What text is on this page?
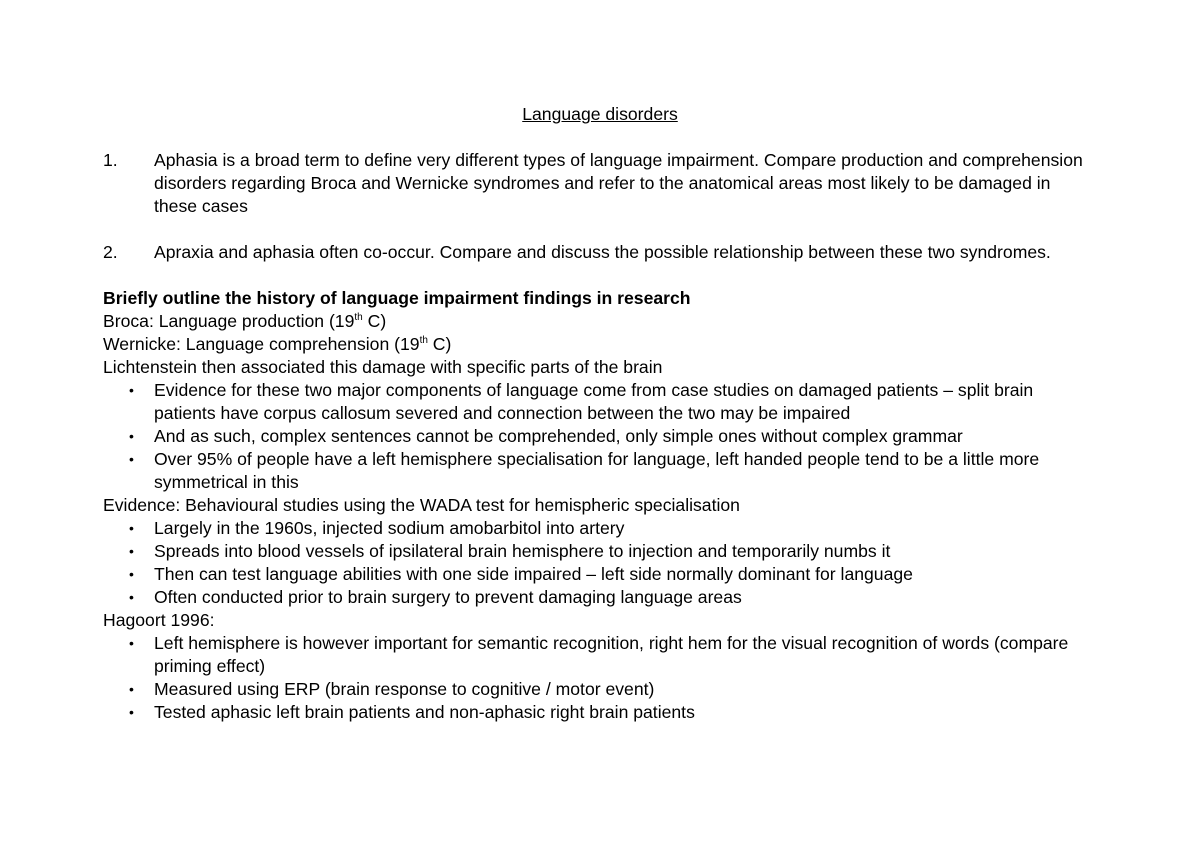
Language disorders
1. Aphasia is a broad term to define very different types of language impairment. Compare production and comprehension disorders regarding Broca and Wernicke syndromes and refer to the anatomical areas most likely to be damaged in these cases
2. Apraxia and aphasia often co-occur. Compare and discuss the possible relationship between these two syndromes.
Briefly outline the history of language impairment findings in research
Broca: Language production (19th C)
Wernicke: Language comprehension (19th C)
Lichtenstein then associated this damage with specific parts of the brain
• Evidence for these two major components of language come from case studies on damaged patients – split brain patients have corpus callosum severed and connection between the two may be impaired
• And as such, complex sentences cannot be comprehended, only simple ones without complex grammar
• Over 95% of people have a left hemisphere specialisation for language, left handed people tend to be a little more symmetrical in this
Evidence: Behavioural studies using the WADA test for hemispheric specialisation
• Largely in the 1960s, injected sodium amobarbitol into artery
• Spreads into blood vessels of ipsilateral brain hemisphere to injection and temporarily numbs it
• Then can test language abilities with one side impaired – left side normally dominant for language
• Often conducted prior to brain surgery to prevent damaging language areas
Hagoort 1996:
• Left hemisphere is however important for semantic recognition, right hem for the visual recognition of words (compare priming effect)
• Measured using ERP (brain response to cognitive / motor event)
• Tested aphasic left brain patients and non-aphasic right brain patients
